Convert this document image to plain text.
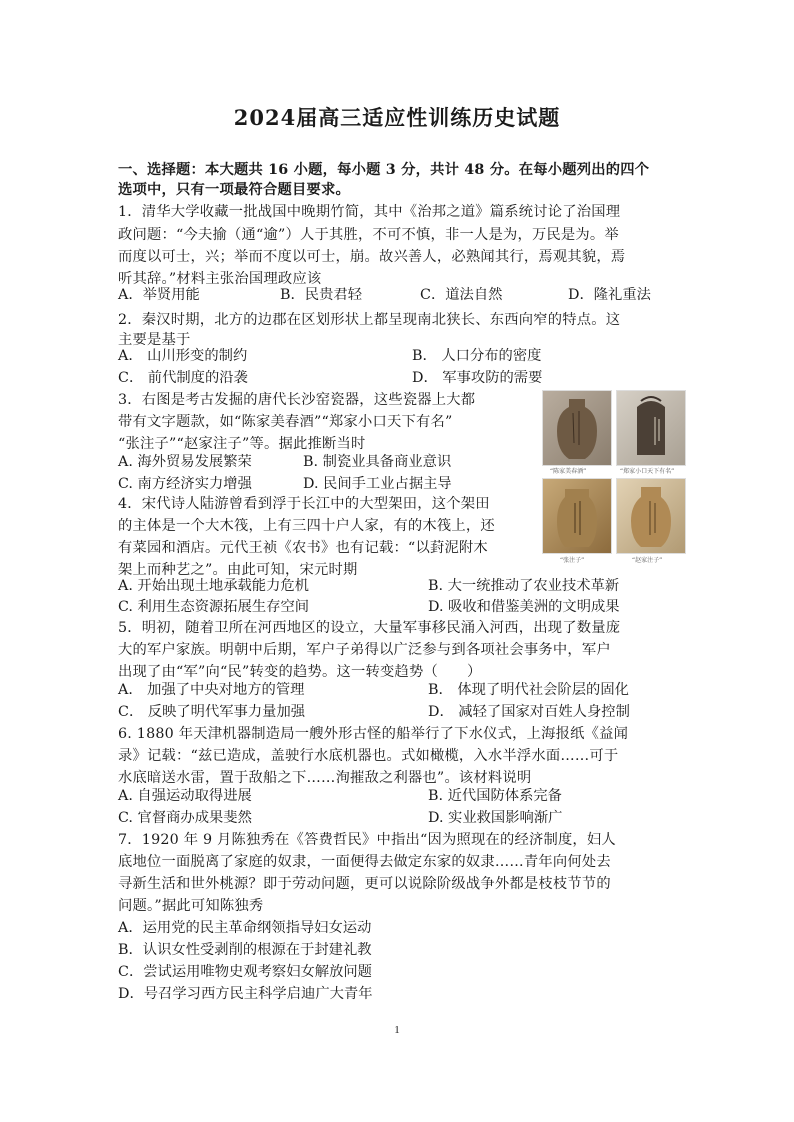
2024届高三适应性训练历史试题
一、选择题：本大题共 16 小题，每小题 3 分，共计 48 分。在每小题列出的四个
选项中，只有一项最符合题目要求。
1．清华大学收藏一批战国中晚期竹简，其中《治邦之道》篇系统讨论了治国理
政问题：“今夫揄（通“逾”）人于其胜，不可不慎，非一人是为，万民是为。举
而度以可士，兴；举而不度以可士，崩。故兴善人，必熟闻其行，焉观其貌，焉
听其辞。”材料主张治国理政应该
A．举贤用能	B．民贵君轻	C．道法自然	D．隆礼重法
2．秦汉时期，北方的边郡在区划形状上都呈现南北狭长、东西向窄的特点。这
主要是基于
A． 山川形变的制约	B． 人口分布的密度
C． 前代制度的沿袭	D． 军事攻防的需要
3．右图是考古发掘的唐代长沙窑瓷器，这些瓷器上大都
带有文字题款，如“陈家美春酒”“郑家小口天下有名”
“张注子”“赵家注子”等。据此推断当时
A. 海外贸易发展繁荣	B. 制瓷业具备商业意识
C. 南方经济实力增强	D. 民间手工业占据主导
4．宋代诗人陆游曾看到浮于长江中的大型架田，这个架田
的主体是一个大木筏，上有三四十户人家，有的木筏上，还
有菜园和酒店。元代王祯《农书》也有记载：“以葑泥附木
架上而种艺之”。由此可知，宋元时期
A. 开始出现土地承载能力危机	B. 大一统推动了农业技术革新
C. 利用生态资源拓展生存空间	D. 吸收和借鉴美洲的文明成果
5．明初，随着卫所在河西地区的设立，大量军事移民涌入河西，出现了数量庞
大的军户家族。明朝中后期，军户子弟得以广泛参与到各项社会事务中，军户
出现了由“军”向“民”转变的趋势。这一转变趋势（　　）
A． 加强了中央对地方的管理	B． 体现了明代社会阶层的固化
C． 反映了明代军事力量加强	D． 减轻了国家对百姓人身控制
6. 1880 年天津机器制造局一艘外形古怪的船举行了下水仪式，上海报纸《益闻
录》记载：“兹已造成，盖驶行水底机器也。式如橄榄，入水半浮水面……可于
水底暗送水雷，置于敌船之下……洵摧敌之利器也”。该材料说明
A. 自强运动取得进展	B. 近代国防体系完备
C. 官督商办成果斐然	D. 实业救国影响渐广
7．1920 年 9 月陈独秀在《答费哲民》中指出“因为照现在的经济制度，妇人
底地位一面脱离了家庭的奴隶，一面便得去做定东家的奴隶……青年向何处去
寻新生活和世外桃源？即于劳动问题，更可以说除阶级战争外都是枝枝节节的
问题。”据此可知陈独秀
A．运用党的民主革命纲领指导妇女运动
B．认识女性受剥削的根源在于封建礼教
C．尝试运用唯物史观考察妇女解放问题
D．号召学习西方民主科学启迪广大青年
“陈家美春酒”	“郑家小口天下有名”
“张注子”	“赵家注子”
1
